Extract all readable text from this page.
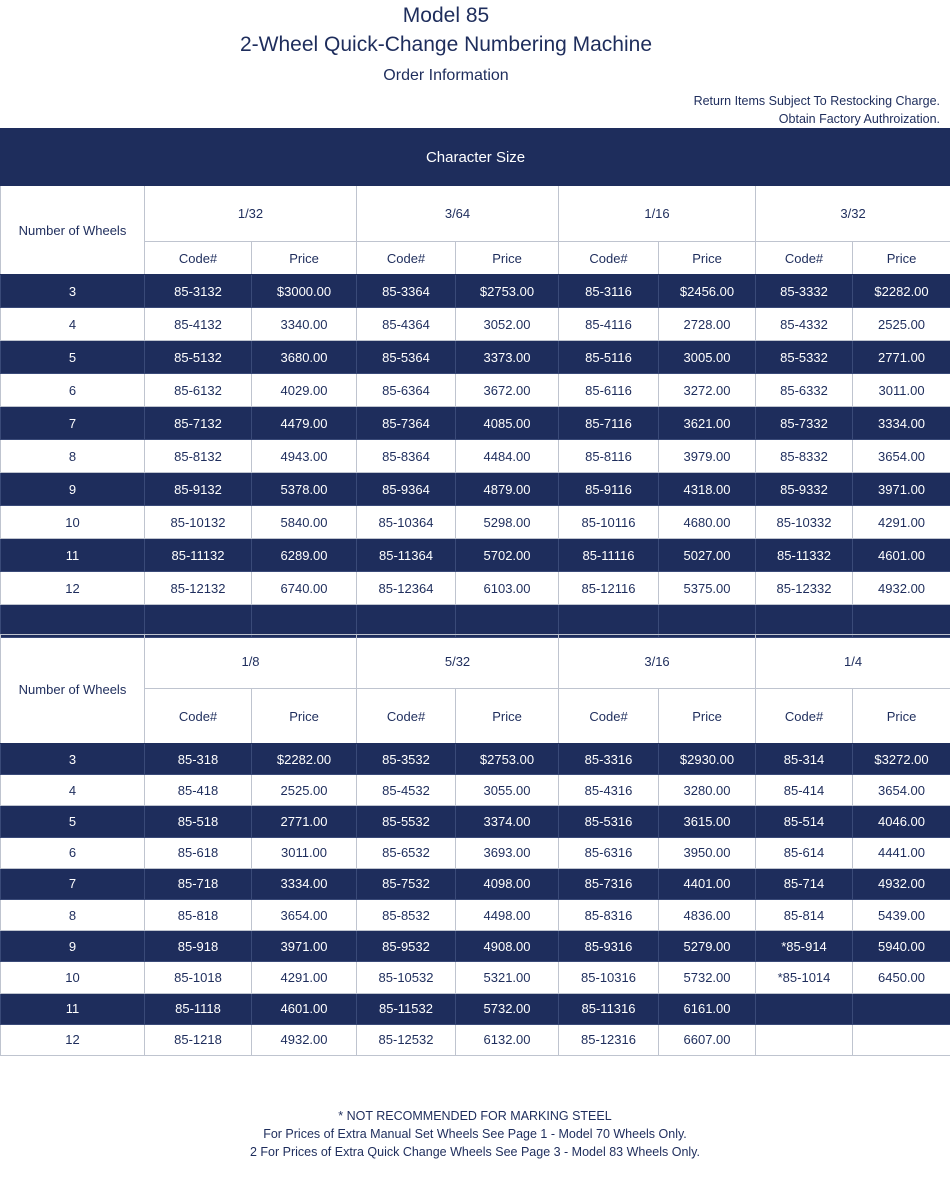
Model 85
2-Wheel Quick-Change Numbering Machine
Order Information
Return Items Subject To Restocking Charge.
Obtain Factory Authroization.
Character Size								
Number of Wheels	1/32		3/64		1/16		3/32	
	Code#	Price	Code#	Price	Code#	Price	Code#	Price
3	85-3132	$3000.00	85-3364	$2753.00	85-3116	$2456.00	85-3332	$2282.00
4	85-4132	3340.00	85-4364	3052.00	85-4116	2728.00	85-4332	2525.00
5	85-5132	3680.00	85-5364	3373.00	85-5116	3005.00	85-5332	2771.00
6	85-6132	4029.00	85-6364	3672.00	85-6116	3272.00	85-6332	3011.00
7	85-7132	4479.00	85-7364	4085.00	85-7116	3621.00	85-7332	3334.00
8	85-8132	4943.00	85-8364	4484.00	85-8116	3979.00	85-8332	3654.00
9	85-9132	5378.00	85-9364	4879.00	85-9116	4318.00	85-9332	3971.00
10	85-10132	5840.00	85-10364	5298.00	85-10116	4680.00	85-10332	4291.00
11	85-11132	6289.00	85-11364	5702.00	85-11116	5027.00	85-11332	4601.00
12	85-12132	6740.00	85-12364	6103.00	85-12116	5375.00	85-12332	4932.00

Number of Wheels	1/8		5/32		3/16		1/4	
	Code#	Price	Code#	Price	Code#	Price	Code#	Price
3	85-318	$2282.00	85-3532	$2753.00	85-3316	$2930.00	85-314	$3272.00
4	85-418	2525.00	85-4532	3055.00	85-4316	3280.00	85-414	3654.00
5	85-518	2771.00	85-5532	3374.00	85-5316	3615.00	85-514	4046.00
6	85-618	3011.00	85-6532	3693.00	85-6316	3950.00	85-614	4441.00
7	85-718	3334.00	85-7532	4098.00	85-7316	4401.00	85-714	4932.00
8	85-818	3654.00	85-8532	4498.00	85-8316	4836.00	85-814	5439.00
9	85-918	3971.00	85-9532	4908.00	85-9316	5279.00	*85-914	5940.00
10	85-1018	4291.00	85-10532	5321.00	85-10316	5732.00	*85-1014	6450.00
11	85-1118	4601.00	85-11532	5732.00	85-11316	6161.00		
12	85-1218	4932.00	85-12532	6132.00	85-12316	6607.00		
* NOT RECOMMENDED FOR MARKING STEEL
For Prices of Extra Manual Set Wheels See Page 1 - Model 70 Wheels Only.
2 For Prices of Extra Quick Change Wheels See Page 3 - Model 83 Wheels Only.
